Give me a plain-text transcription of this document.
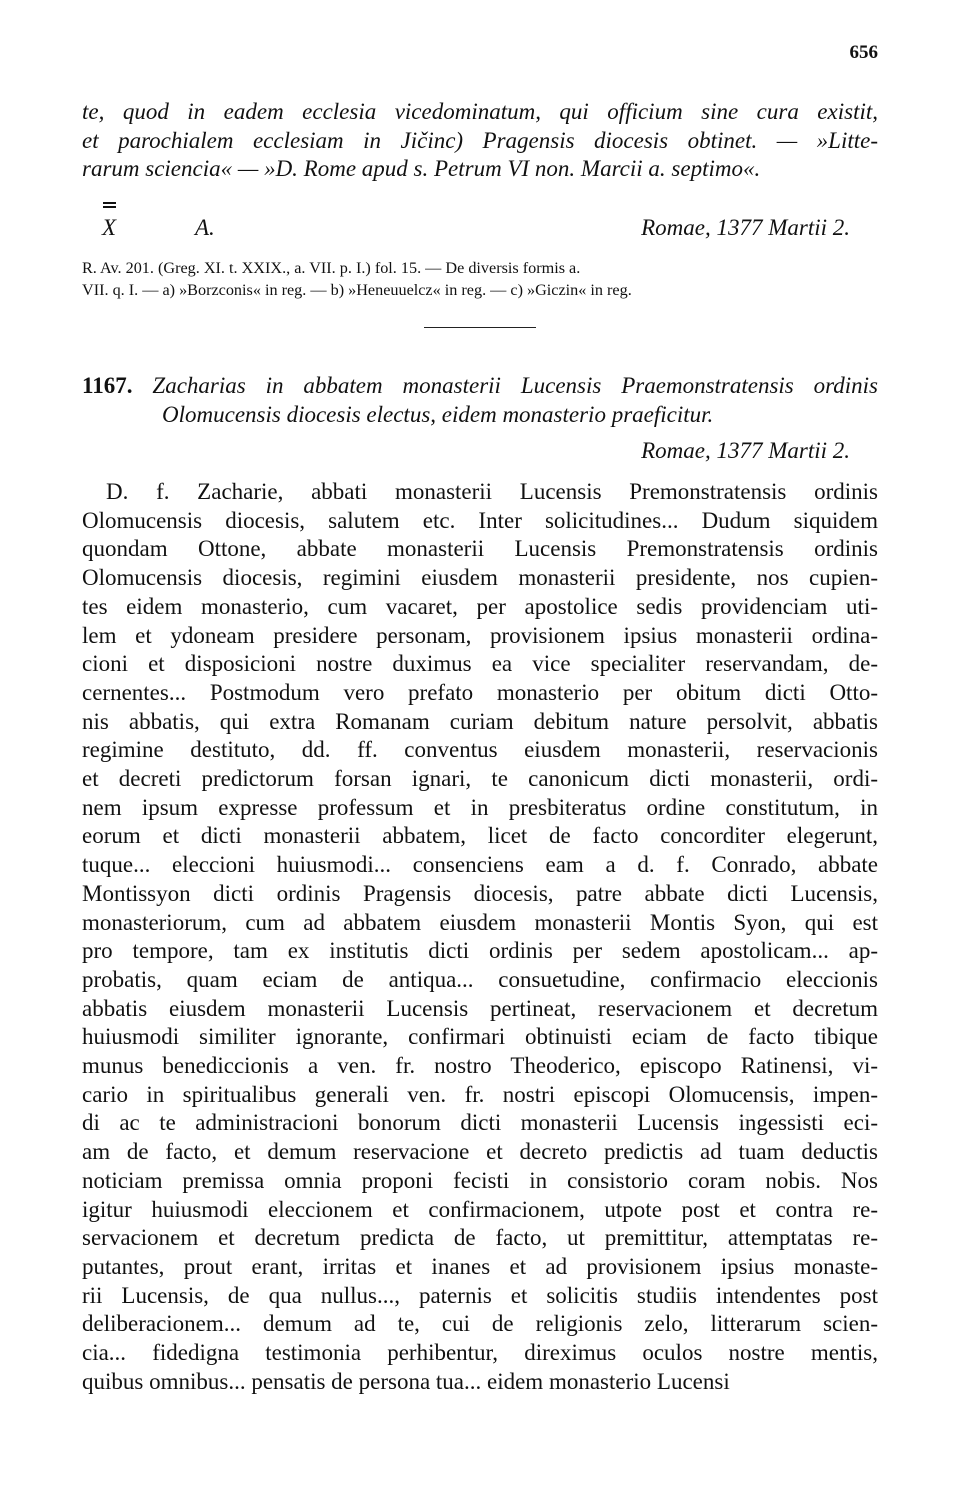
656
te, quod in eadem ecclesia vicedominatum, qui officium sine cura existit,
et parochialem ecclesiam in Jičinc) Pragensis diocesis obtinet. — »Litte-
rarum sciencia« — »D. Rome apud s. Petrum VI non. Marcii a. septimo«.
X	A.	Romae, 1377 Martii 2.
R. Av. 201. (Greg. XI. t. XXIX., a. VII. p. I.) fol. 15. — De diversis formis a.
VII. q. I. — a) »Borzconis« in reg. — b) »Heneuuelcz« in reg. — c) »Giczin« in reg.
1167. Zacharias in abbatem monasterii Lucensis Praemonstratensis ordinis
Olomucensis diocesis electus, eidem monasterio praeficitur.
Romae, 1377 Martii 2.
D. f. Zacharie, abbati monasterii Lucensis Premonstratensis ordinis
Olomucensis diocesis, salutem etc. Inter solicitudines... Dudum siquidem
quondam Ottone, abbate monasterii Lucensis Premonstratensis ordinis
Olomucensis diocesis, regimini eiusdem monasterii presidente, nos cupien-
tes eidem monasterio, cum vacaret, per apostolice sedis providenciam uti-
lem et ydoneam presidere personam, provisionem ipsius monasterii ordina-
cioni et disposicioni nostre duximus ea vice specialiter reservandam, de-
cernentes... Postmodum vero prefato monasterio per obitum dicti Otto-
nis abbatis, qui extra Romanam curiam debitum nature persolvit, abbatis
regimine destituto, dd. ff. conventus eiusdem monasterii, reservacionis
et decreti predictorum forsan ignari, te canonicum dicti monasterii, ordi-
nem ipsum expresse professum et in presbiteratus ordine constitutum, in
eorum et dicti monasterii abbatem, licet de facto concorditer elegerunt,
tuque... eleccioni huiusmodi... consenciens eam a d. f. Conrado, abbate
Montissyon dicti ordinis Pragensis diocesis, patre abbate dicti Lucensis,
monasteriorum, cum ad abbatem eiusdem monasterii Montis Syon, qui est
pro tempore, tam ex institutis dicti ordinis per sedem apostolicam... ap-
probatis, quam eciam de antiqua... consuetudine, confirmacio eleccionis
abbatis eiusdem monasterii Lucensis pertineat, reservacionem et decretum
huiusmodi similiter ignorante, confirmari obtinuisti eciam de facto tibique
munus benediccionis a ven. fr. nostro Theoderico, episcopo Ratinensi, vi-
cario in spiritualibus generali ven. fr. nostri episcopi Olomucensis, impen-
di ac te administracioni bonorum dicti monasterii Lucensis ingessisti eci-
am de facto, et demum reservacione et decreto predictis ad tuam deductis
noticiam premissa omnia proponi fecisti in consistorio coram nobis. Nos
igitur huiusmodi eleccionem et confirmacionem, utpote post et contra re-
servacionem et decretum predicta de facto, ut premittitur, attemptatas re-
putantes, prout erant, irritas et inanes et ad provisionem ipsius monaste-
rii Lucensis, de qua nullus..., paternis et solicitis studiis intendentes post
deliberacionem... demum ad te, cui de religionis zelo, litterarum scien-
cia... fidedigna testimonia perhibentur, direximus oculos nostre mentis,
quibus omnibus... pensatis de persona tua... eidem monasterio Lucensi
